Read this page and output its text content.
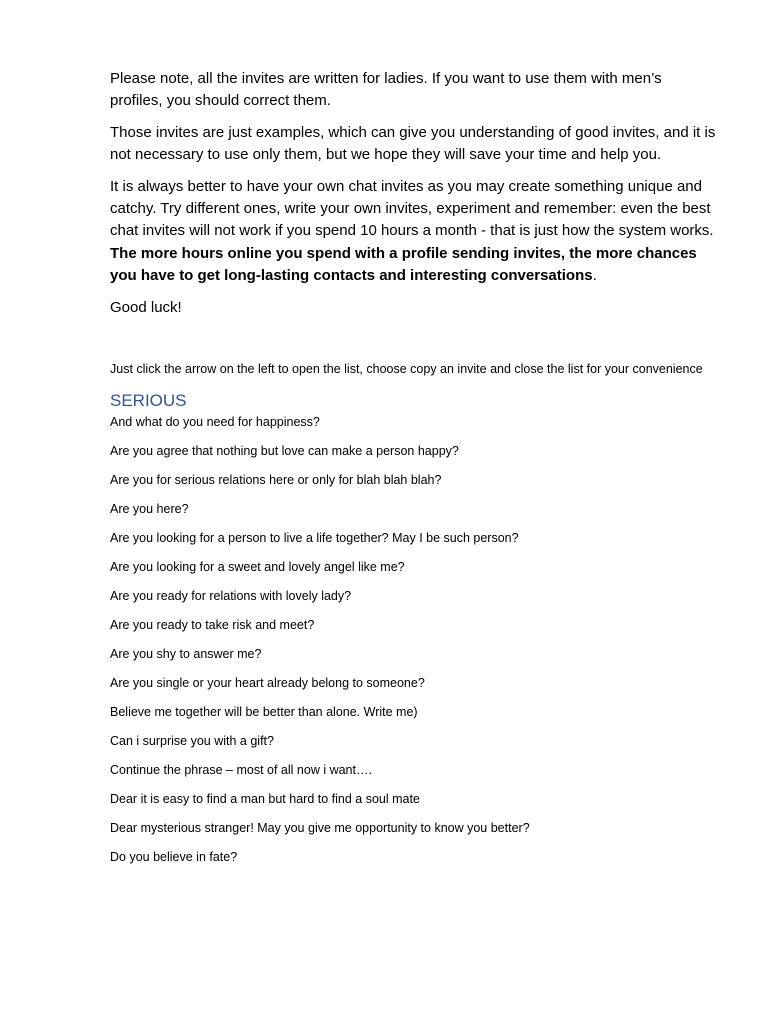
Please note, all the invites are written for ladies. If you want to use them with men’s profiles, you should correct them.

Those invites are just examples, which can give you understanding of good invites, and it is not necessary to use only them, but we hope they will save your time and help you.

It is always better to have your own chat invites as you may create something unique and catchy. Try different ones, write your own invites, experiment and remember: even the best chat invites will not work if you spend 10 hours a month - that is just how the system works. The more hours online you spend with a profile sending invites, the more chances you have to get long-lasting contacts and interesting conversations.

Good luck!

Just click the arrow on the left to open the list, choose copy an invite and close the list for your convenience

SERIOUS
And what do you need for happiness?
Are you agree that nothing but love can make a person happy?
Are you for serious relations here or only for blah blah blah?
Are you here?
Are you looking for a person to live a life together? May I be such person?
Are you looking for a sweet and lovely angel like me?
Are you ready for relations with lovely lady?
Are you ready to take risk and meet?
Are you shy to answer me?
Are you single or your heart already belong to someone?
Believe me together will be better than alone. Write me)
Can i surprise you with a gift?
Continue the phrase – most of all now i want….
Dear it is easy to find a man but hard to find a soul mate
Dear mysterious stranger! May you give me opportunity to know you better?
Do you believe in fate?
